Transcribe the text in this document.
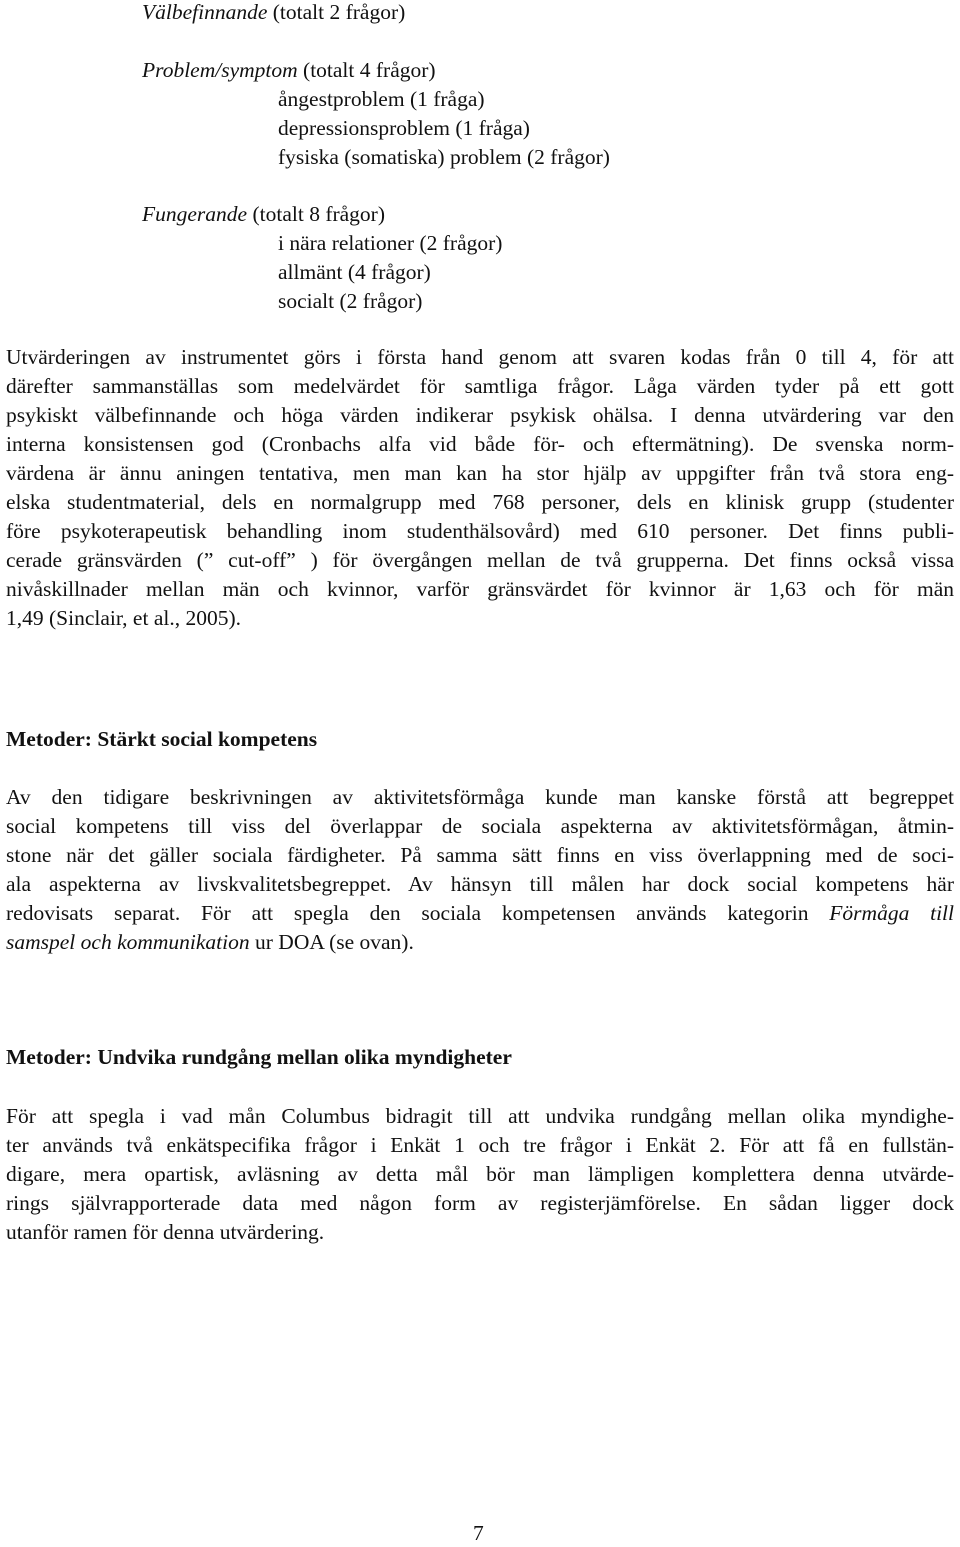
Välbefinnande (totalt 2 frågor)
Problem/symptom (totalt 4 frågor)
ångestproblem (1 fråga)
depressionsproblem (1 fråga)
fysiska (somatiska) problem (2 frågor)
Fungerande (totalt 8 frågor)
i nära relationer (2 frågor)
allmänt (4 frågor)
socialt (2 frågor)
Utvärderingen av instrumentet görs i första hand genom att svaren kodas från 0 till 4, för att
därefter sammanställas som medelvärdet för samtliga frågor. Låga värden tyder på ett gott
psykiskt välbefinnande och höga värden indikerar psykisk ohälsa. I denna utvärdering var den
interna konsistensen god (Cronbachs alfa vid både för- och eftermätning). De svenska norm-
värdena är ännu aningen tentativa, men man kan ha stor hjälp av uppgifter från två stora eng-
elska studentmaterial, dels en normalgrupp med 768 personer, dels en klinisk grupp (studenter
före psykoterapeutisk behandling inom studenthälsovård) med 610 personer. Det finns publi-
cerade gränsvärden (” cut-off” ) för övergången mellan de två grupperna. Det finns också vissa
nivåskillnader mellan män och kvinnor, varför gränsvärdet för kvinnor är 1,63 och för män
1,49 (Sinclair, et al., 2005).
Metoder: Stärkt social kompetens
Av den tidigare beskrivningen av aktivitetsförmåga kunde man kanske förstå att begreppet
social kompetens till viss del överlappar de sociala aspekterna av aktivitetsförmågan, åtmin-
stone när det gäller sociala färdigheter. På samma sätt finns en viss överlappning med de soci-
ala aspekterna av livskvalitetsbegreppet. Av hänsyn till målen har dock social kompetens här
redovisats separat. För att spegla den sociala kompetensen används kategorin Förmåga till
samspel och kommunikation ur DOA (se ovan).
Metoder: Undvika rundgång mellan olika myndigheter
För att spegla i vad mån Columbus bidragit till att undvika rundgång mellan olika myndighe-
ter används två enkätspecifika frågor i Enkät 1 och tre frågor i Enkät 2. För att få en fullstän-
digare, mera opartisk, avläsning av detta mål bör man lämpligen komplettera denna utvärde-
rings självrapporterade data med någon form av registerjämförelse. En sådan ligger dock
utanför ramen för denna utvärdering.
7
